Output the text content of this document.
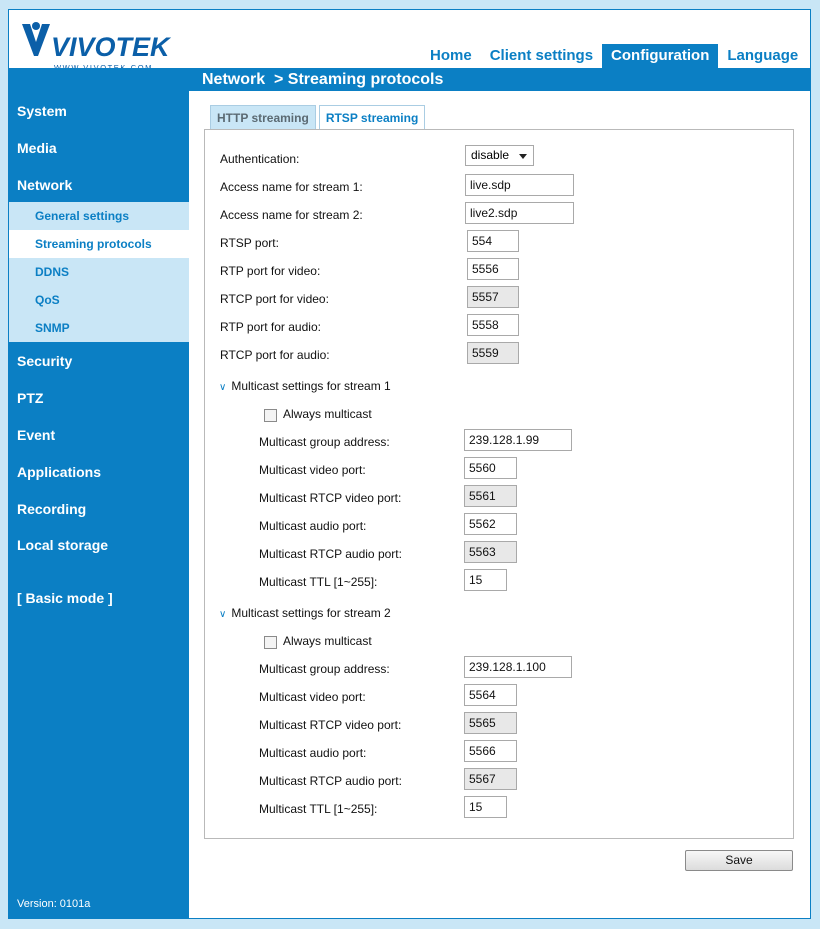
VIVOTEK	Home	Client settings	Configuration	Language
Network  > Streaming protocols
System
Media
Network
General settings
Streaming protocols
DDNS
QoS
SNMP
Security
PTZ
Event
Applications
Recording
Local storage
[ Basic mode ]
Version: 0101a
HTTP streaming	RTSP streaming
Authentication:	disable
Access name for stream 1:
live.sdp
Access name for stream 2:
live2.sdp
RTSP port:
554
RTP port for video:
5556
RTCP port for video:	5557
RTP port for audio:
5558
RTCP port for audio:	5559
∨ Multicast settings for stream 1
Always multicast
Multicast group address:
239.128.1.99
Multicast video port:
5560
Multicast RTCP video port:	5561
Multicast audio port:
5562
Multicast RTCP audio port:	5563
Multicast TTL [1~255]:
15
∨ Multicast settings for stream 2
Always multicast
Multicast group address:
239.128.1.100
Multicast video port:
5564
Multicast RTCP video port:	5565
Multicast audio port:
5566
Multicast RTCP audio port:	5567
Multicast TTL [1~255]:
15
Save
